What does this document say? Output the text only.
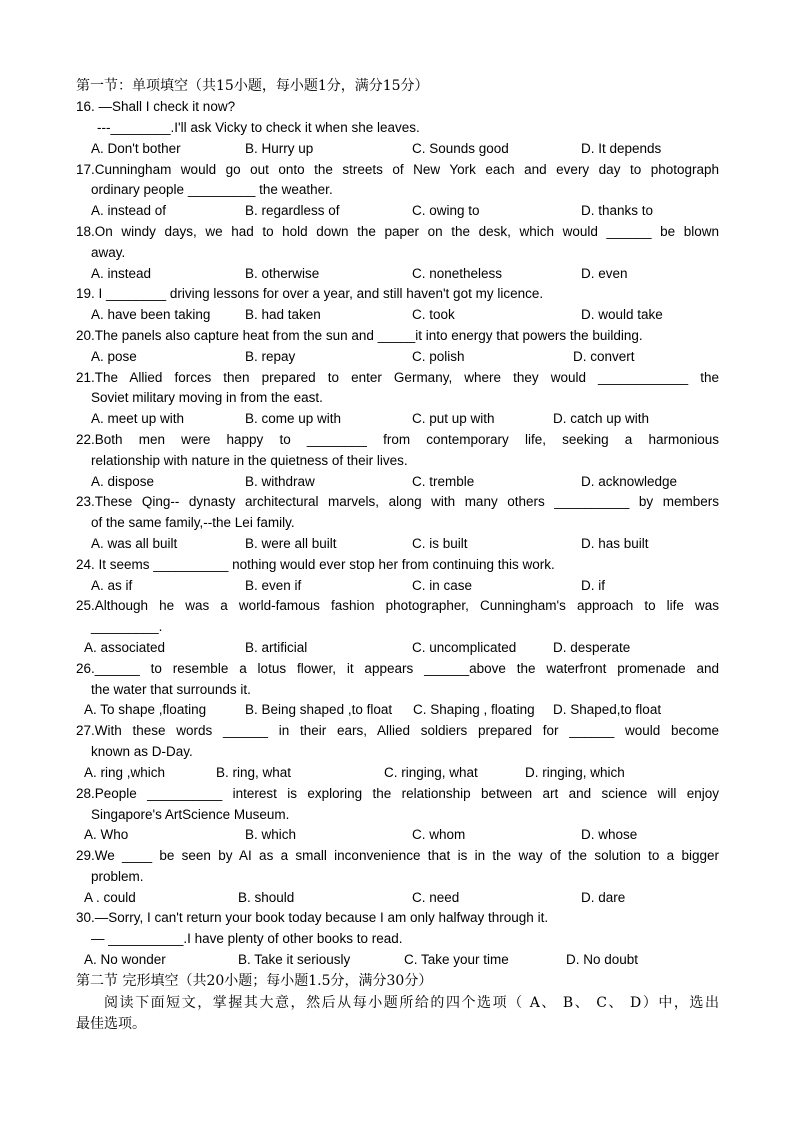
第一节：单项填空（共15小题，每小题1分，满分15分）
16. —Shall I check it now?
---________.I'll ask Vicky to check it when she leaves.
A. Don't bother	B. Hurry up	C. Sounds good	D. It depends
17.Cunningham would go out onto the streets of New York each and every day to photograph
ordinary people _________ the weather.
A. instead of	B. regardless of	C. owing to	D. thanks to
18.On windy days, we had to hold down the paper on the desk, which would ______ be blown
away.
A. instead	B. otherwise	C. nonetheless	D. even
19. I ________ driving lessons for over a year, and still haven't got my licence.
A. have been taking	B. had taken	C. took	D. would take
20.The panels also capture heat from the sun and _____it into energy that powers the building.
A. pose	B. repay	C. polish	D. convert
21.The Allied forces then prepared to enter Germany, where they would ____________ the
Soviet military moving in from the east.
A. meet up with	B. come up with	C. put up with	D. catch up with
22.Both men were happy to ________ from contemporary life, seeking a harmonious
relationship with nature in the quietness of their lives.
A. dispose	B. withdraw	C. tremble	D. acknowledge
23.These Qing-- dynasty architectural marvels, along with many others __________ by members
of the same family,--the Lei family.
A. was all built	B. were all built	C. is built	D. has built
24. It seems __________ nothing would ever stop her from continuing this work.
A. as if	B. even if	C. in case	D. if
25.Although he was a world-famous fashion photographer, Cunningham's approach to life was
_________.
A. associated	B. artificial	C. uncomplicated	D. desperate
26.______ to resemble a lotus flower, it appears ______above the waterfront promenade and
the water that surrounds it.
A. To shape ,floating	B. Being shaped ,to float C. Shaping , floating D. Shaped,to float
27.With these words ______ in their ears, Allied soldiers prepared for ______ would become
known as D-Day.
A. ring ,which	B. ring, what	C. ringing, what	D. ringing, which
28.People __________ interest is exploring the relationship between art and science will enjoy
Singapore's ArtScience Museum.
A. Who	B. which	C. whom	D. whose
29.We ____ be seen by AI as a small inconvenience that is in the way of the solution to a bigger
problem.
A . could	B. should	C. need	D. dare
30.—Sorry, I can't return your book today because I am only halfway through it.
— __________.I have plenty of other books to read.
A. No wonder	B. Take it seriously	C. Take your time	D. No doubt
第二节 完形填空（共20小题；每小题1.5分，满分30分）
阅读下面短文，掌握其大意，然后从每小题所给的四个选项（ A、 B、 C、 D）中，选出
最佳选项。
